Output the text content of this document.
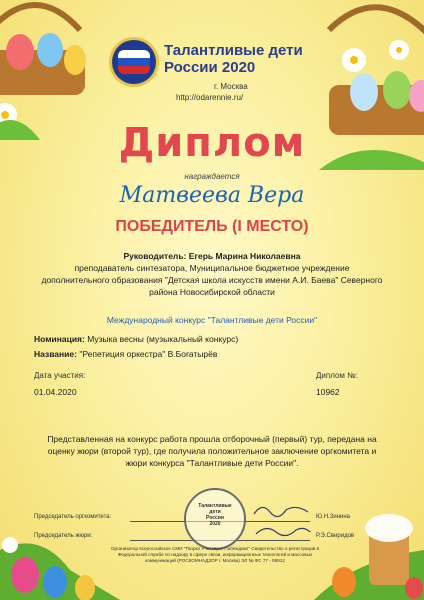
Талантливые дети
России 2020
г. Москва
http://odarennie.ru/
Диплом
награждается
Матвеева Вера
ПОБЕДИТЕЛЬ (I МЕСТО)
Руководитель: Егерь Марина Николаевна
преподаватель синтезатора, Муниципальное бюджетное учреждение дополнительного образования "Детская школа искусств имени А.И. Баева" Северного района Новосибирской области
Международный конкурс "Талантливые дети России"
Номинация: Музыка весны (музыкальный конкурс)
Название: "Репетиция оркестра" В.Богатырёв
Дата участия:
01.04.2020
Диплом №:
10962
Представленная на конкурс работа прошла отборочный (первый) тур, передана на оценку жюри (второй тур), где получила положительное заключение оргкомитета и жюри конкурса "Талантливые дети России".
Председатель оргкомитета:	Ю.Н.Зинина
Председатель жюри:	Р.Э.Свиридов
Талантливые
дети
России
2020
Организатор всероссийское СМИ "Творю! Участвую! Побеждаю!" Свидетельство о регистрации в Федеральной службе по надзору в сфере связи, информационных технологий и массовых коммуникаций (РОСКОМНАДЗОР г. Москва) ЭЛ № ФС 77 - 06912
